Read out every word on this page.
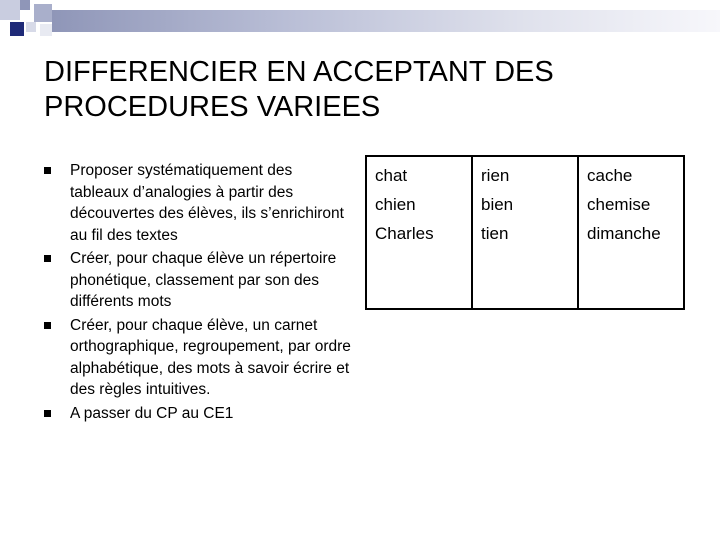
DIFFERENCIER EN ACCEPTANT DES PROCEDURES VARIEES
Proposer systématiquement des tableaux d’analogies à partir des découvertes des élèves, ils s’enrichiront au fil des textes
Créer, pour chaque élève un répertoire phonétique, classement par son des différents mots
Créer, pour chaque élève, un carnet orthographique, regroupement, par ordre alphabétique, des mots à savoir écrire et des règles intuitives.
A passer du CP au CE1
chat
chien
Charles
rien
bien
tien
cache
chemise
dimanche
